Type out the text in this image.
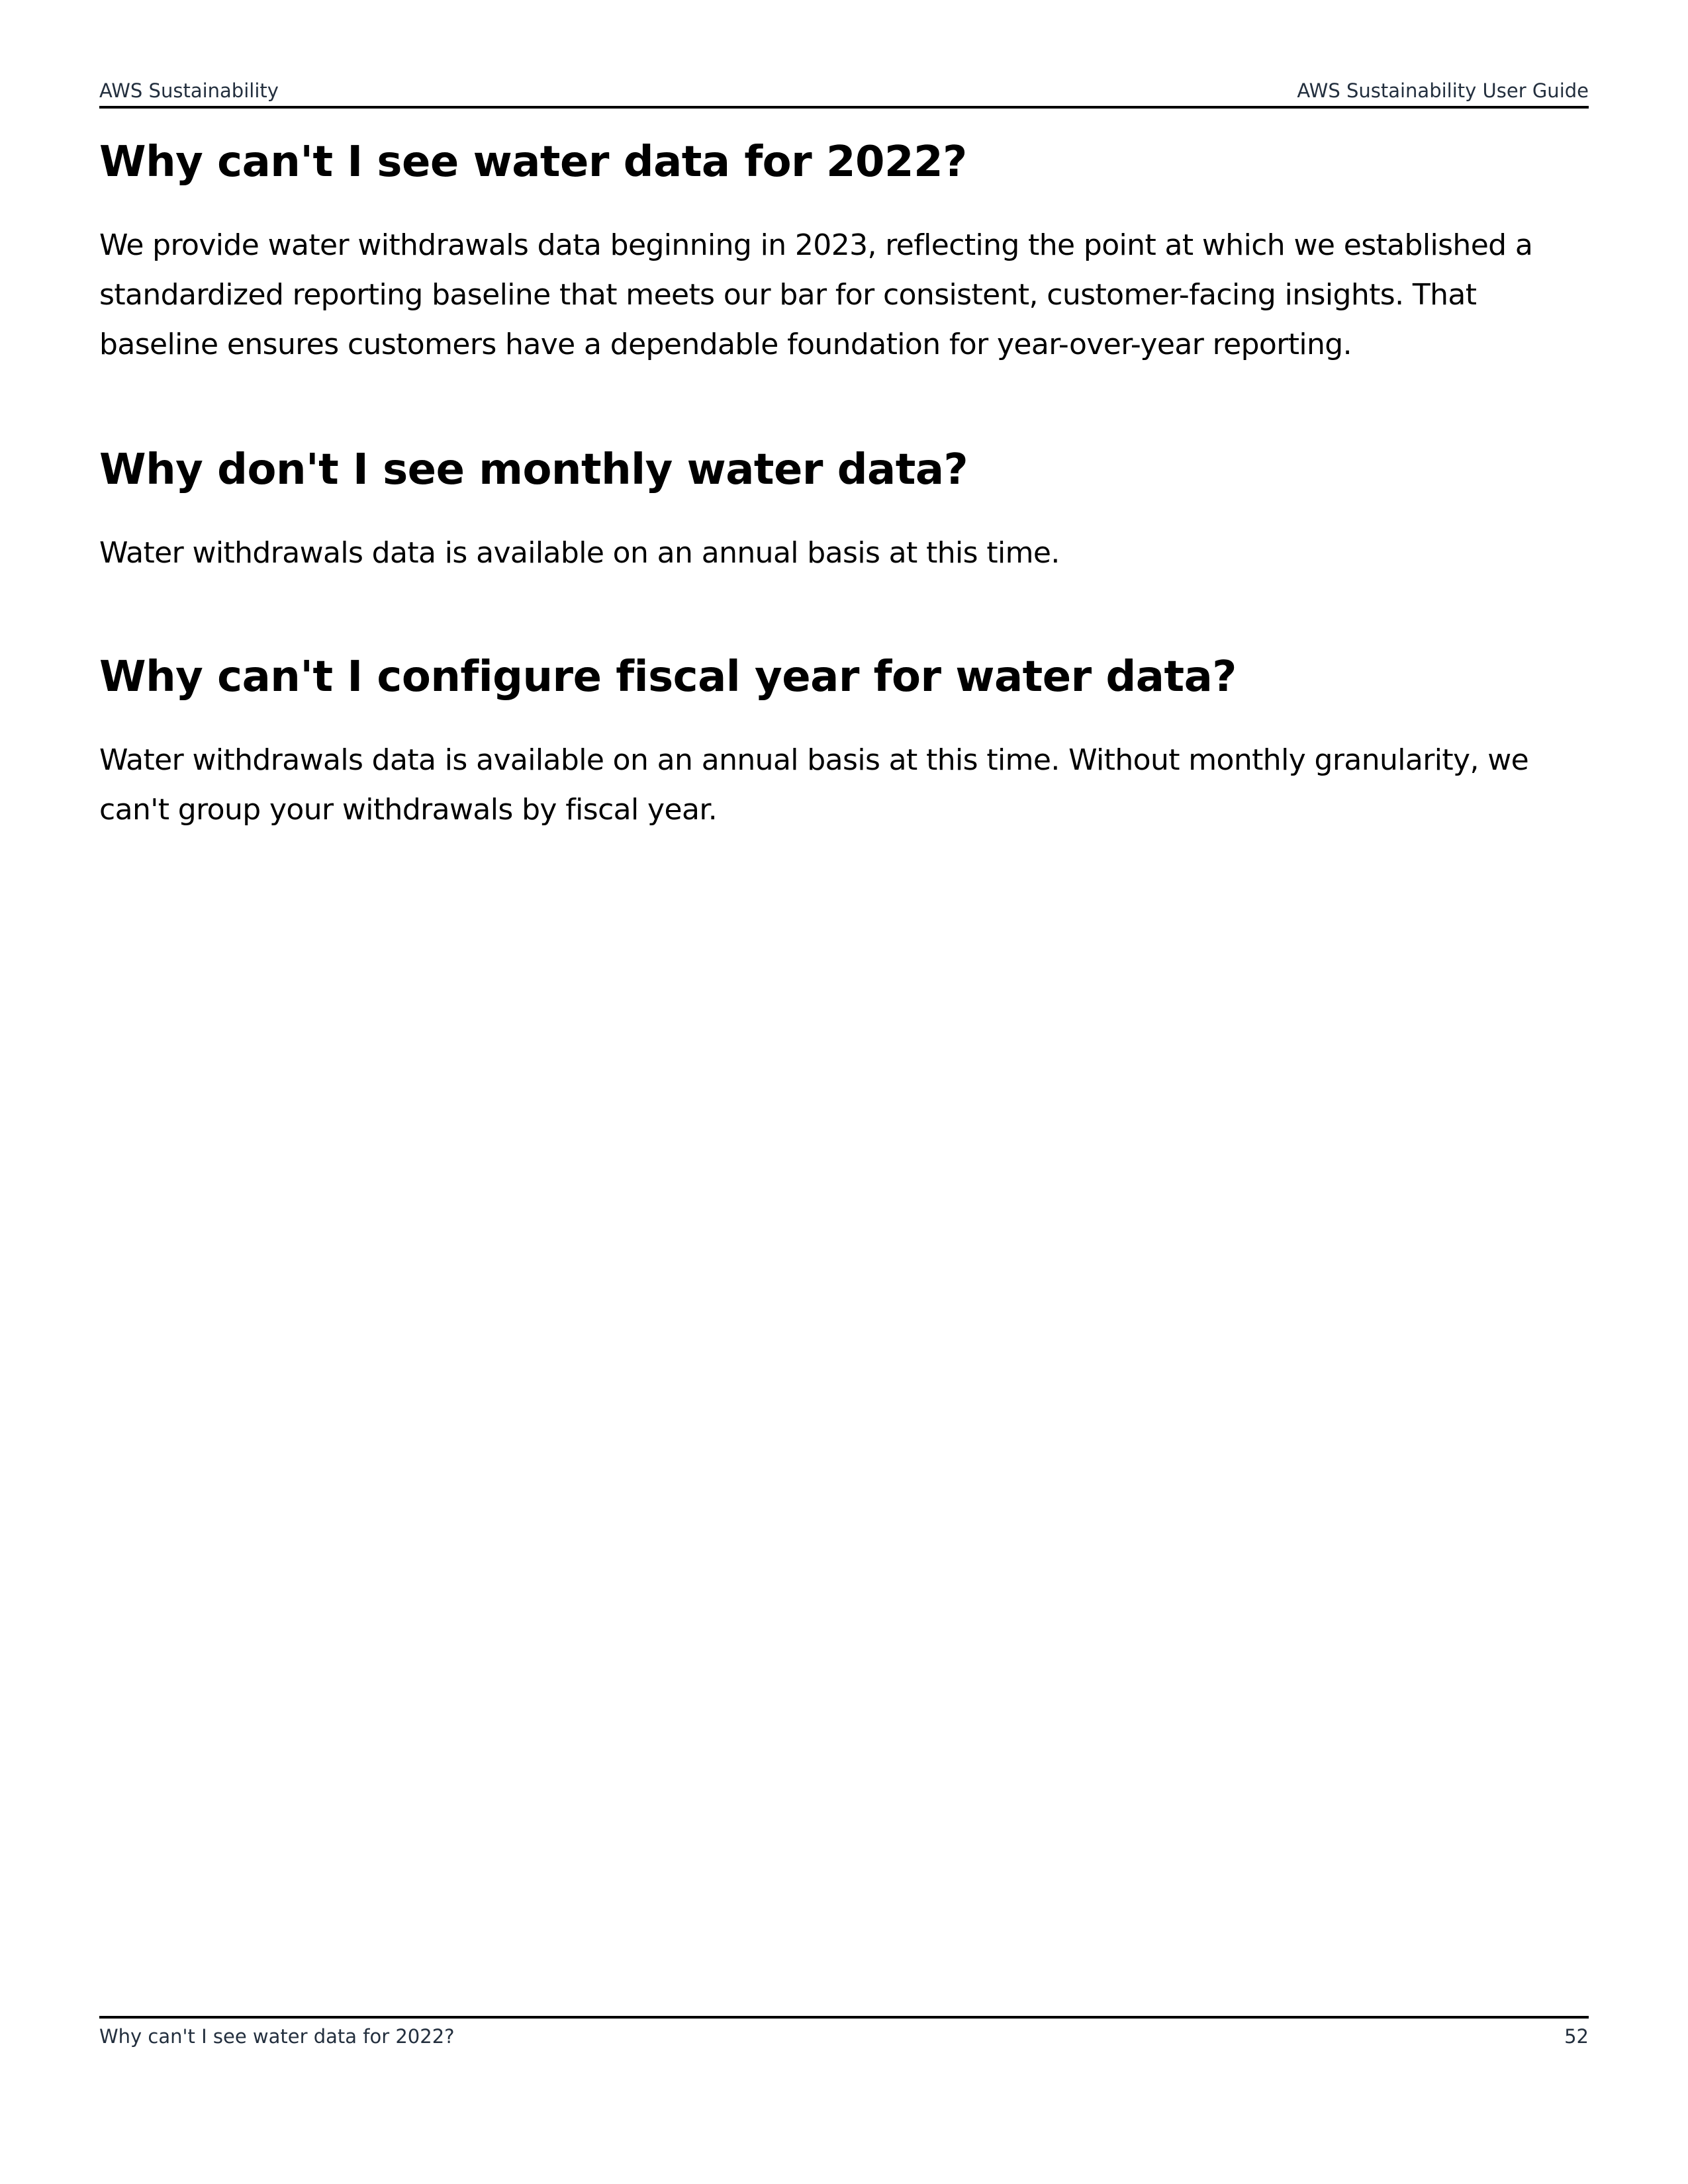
AWS Sustainability	AWS Sustainability User Guide
Why can't I see water data for 2022?

We provide water withdrawals data beginning in 2023, reflecting the point at which we established a standardized reporting baseline that meets our bar for consistent, customer-facing insights. That baseline ensures customers have a dependable foundation for year-over-year reporting.

Why don't I see monthly water data?

Water withdrawals data is available on an annual basis at this time.

Why can't I configure fiscal year for water data?

Water withdrawals data is available on an annual basis at this time. Without monthly granularity, we can't group your withdrawals by fiscal year.

Why can't I see water data for 2022?	52
